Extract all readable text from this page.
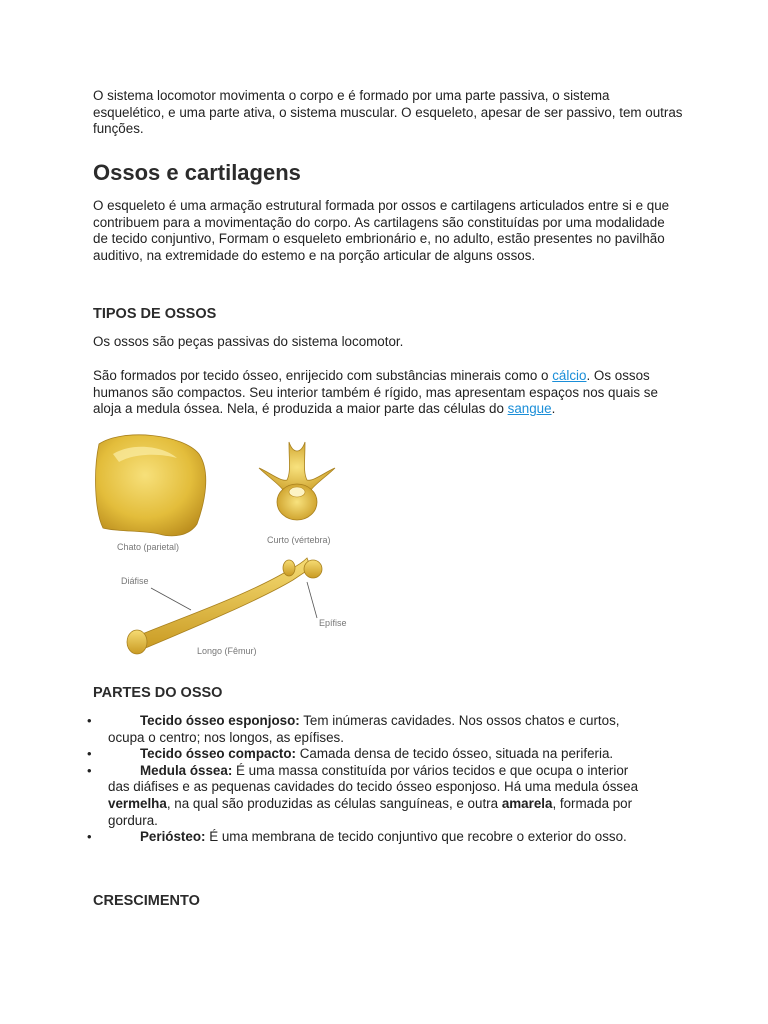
O sistema locomotor movimenta o corpo e é formado por uma parte passiva, o sistema esquelético, e uma parte ativa, o sistema muscular. O esqueleto, apesar de ser passivo, tem outras funções.

Ossos e cartilagens

O esqueleto é uma armação estrutural formada por ossos e cartilagens articulados entre si e que contribuem para a movimentação do corpo. As cartilagens são constituídas por uma modalidade de tecido conjuntivo, Formam o esqueleto embrionário e, no adulto, estão presentes no pavilhão auditivo, na extremidade do estemo e na porção articular de alguns ossos.

TIPOS DE OSSOS

Os ossos são peças passivas do sistema locomotor.

São formados por tecido ósseo, enrijecido com substâncias minerais como o cálcio. Os ossos humanos são compactos. Seu interior também é rígido, mas apresentam espaços nos quais se aloja a medula óssea. Nela, é produzida a maior parte das células do sangue.

Chato (parietal)
Curto (vértebra)
Diáfise
Epífise
Longo (Fêmur)
PARTES DO OSSO
• Tecido ósseo esponjoso: Tem inúmeras cavidades. Nos ossos chatos e curtos, ocupa o centro; nos longos, as epífises.
• Tecido ósseo compacto: Camada densa de tecido ósseo, situada na periferia.
• Medula óssea: É uma massa constituída por vários tecidos e que ocupa o interior das diáfises e as pequenas cavidades do tecido ósseo esponjoso. Há uma medula óssea vermelha, na qual são produzidas as células sanguíneas, e outra amarela, formada por gordura.
• Periósteo: É uma membrana de tecido conjuntivo que recobre o exterior do osso.
CRESCIMENTO
